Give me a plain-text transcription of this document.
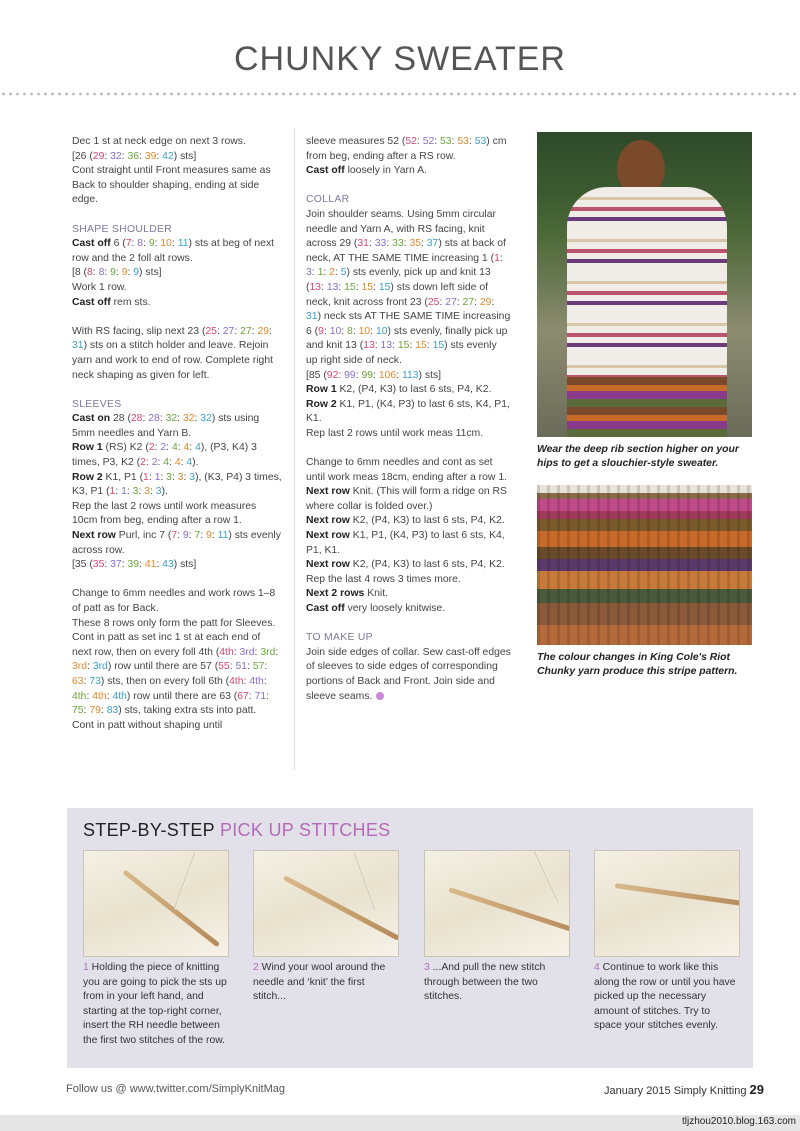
CHUNKY SWEATER

Dec 1 st at neck edge on next 3 rows.
[26 (29: 32: 36: 39: 42) sts]
Cont straight until Front measures same as Back to shoulder shaping, ending at side edge.

SHAPE SHOULDER

Cast off 6 (7: 8: 9: 10: 11) sts at beg of next row and the 2 foll alt rows.
[8 (8: 8: 9: 9: 9) sts]
Work 1 row.
Cast off rem sts.

With RS facing, slip next 23 (25: 27: 27: 29: 31) sts on a stitch holder and leave. Rejoin yarn and work to end of row. Complete right neck shaping as given for left.

SLEEVES

Cast on 28 (28: 28: 32: 32: 32) sts using 5mm needles and Yarn B.
Row 1 (RS) K2 (2: 2: 4: 4: 4), (P3, K4) 3 times, P3, K2 (2: 2: 4: 4: 4).
Row 2 K1, P1 (1: 1: 3: 3: 3), (K3, P4) 3 times, K3, P1 (1: 1: 3: 3: 3).
Rep the last 2 rows until work measures 10cm from beg, ending after a row 1.
Next row Purl, inc 7 (7: 9: 7: 9: 11) sts evenly across row.
[35 (35: 37: 39: 41: 43) sts]

Change to 6mm needles and work rows 1–8 of patt as for Back.
These 8 rows only form the patt for Sleeves.
Cont in patt as set inc 1 st at each end of next row, then on every foll 4th (4th: 3rd: 3rd: 3rd: 3rd) row until there are 57 (55: 51: 57: 63: 73) sts, then on every foll 6th (4th: 4th: 4th: 4th: 4th) row until there are 63 (67: 71: 75: 79: 83) sts, taking extra sts into patt.
Cont in patt without shaping until

sleeve measures 52 (52: 52: 53: 53: 53) cm from beg, ending after a RS row.
Cast off loosely in Yarn A.

COLLAR

Join shoulder seams. Using 5mm circular needle and Yarn A, with RS facing, knit across 29 (31: 33: 33: 35: 37) sts at back of neck, AT THE SAME TIME increasing 1 (1: 3: 1: 2: 5) sts evenly, pick up and knit 13 (13: 13: 15: 15: 15) sts down left side of neck, knit across front 23 (25: 27: 27: 29: 31) neck sts AT THE SAME TIME increasing 6 (9: 10: 8: 10: 10) sts evenly, finally pick up and knit 13 (13: 13: 15: 15: 15) sts evenly up right side of neck.
[85 (92: 99: 99: 106: 113) sts]
Row 1 K2, (P4, K3) to last 6 sts, P4, K2.
Row 2 K1, P1, (K4, P3) to last 6 sts, K4, P1, K1.
Rep last 2 rows until work meas 11cm.

Change to 6mm needles and cont as set until work meas 18cm, ending after a row 1.
Next row Knit. (This will form a ridge on RS where collar is folded over.)
Next row K2, (P4, K3) to last 6 sts, P4, K2.
Next row K1, P1, (K4, P3) to last 6 sts, K4, P1, K1.
Next row K2, (P4, K3) to last 6 sts, P4, K2.
Rep the last 4 rows 3 times more.
Next 2 rows Knit.
Cast off very loosely knitwise.

TO MAKE UP

Join side edges of collar. Sew cast-off edges of sleeves to side edges of corresponding portions of Back and Front. Join side and sleeve seams.

Wear the deep rib section higher on your hips to get a slouchier-style sweater.
The colour changes in King Cole's Riot Chunky yarn produce this stripe pattern.
STEP-BY-STEP PICK UP STITCHES
1 Holding the piece of knitting you are going to pick the sts up from in your left hand, and starting at the top-right corner, insert the RH needle between the first two stitches of the row.
2 Wind your wool around the needle and ‘knit’ the first stitch...
3 ...And pull the new stitch through between the two stitches.
4 Continue to work like this along the row or until you have picked up the necessary amount of stitches. Try to space your stitches evenly.
Follow us @ www.twitter.com/SimplyKnitMag	January 2015 Simply Knitting 29
tljzhou2010.blog.163.com
